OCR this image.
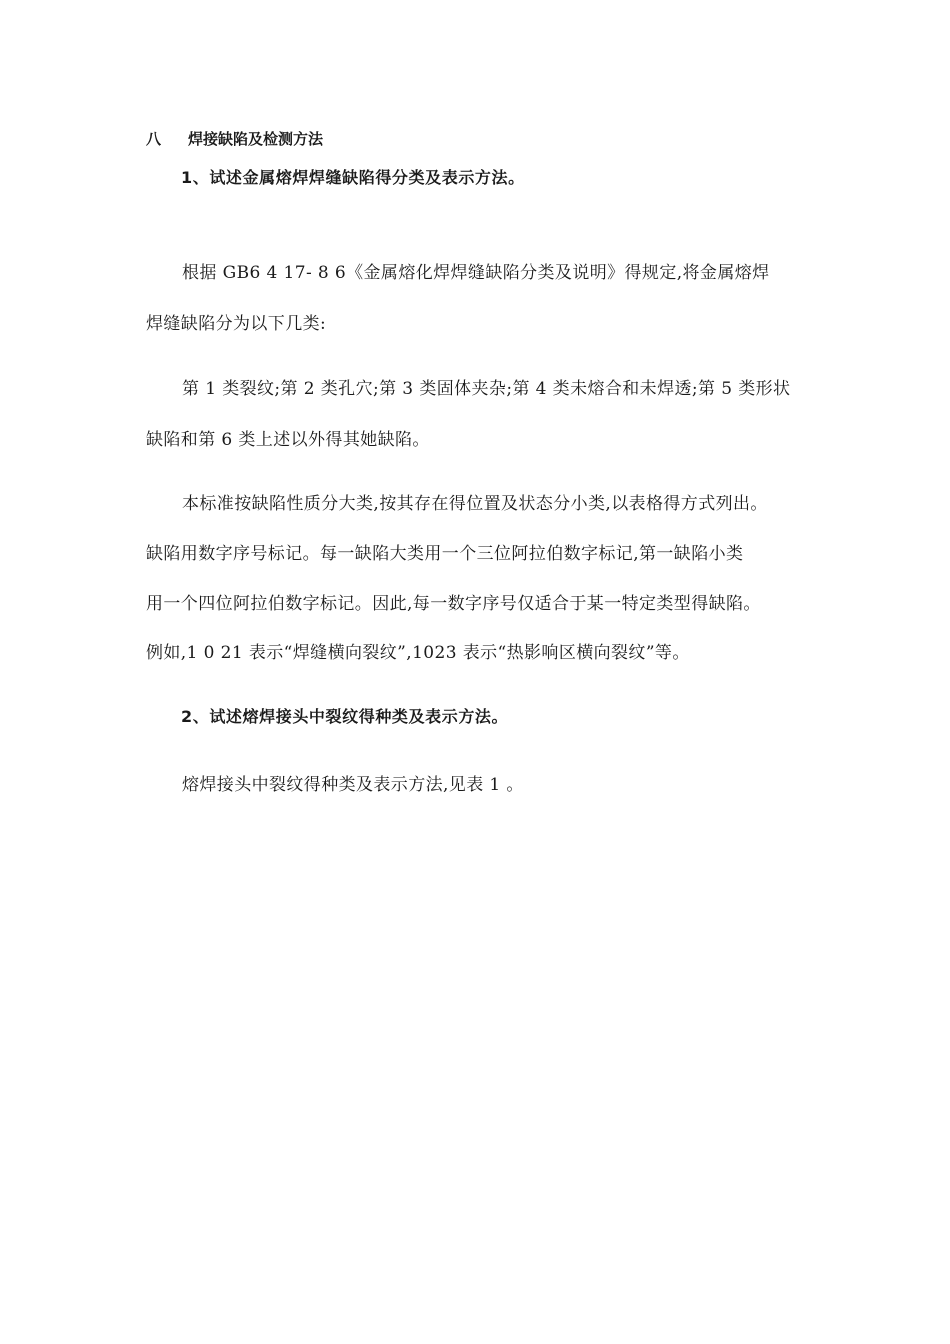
八 焊接缺陷及检测方法
1、试述金属熔焊焊缝缺陷得分类及表示方法。
根据 GB6 4 17- 8 6《金属熔化焊焊缝缺陷分类及说明》得规定,将金属熔焊
焊缝缺陷分为以下几类:
第 1 类裂纹;第 2 类孔穴;第 3 类固体夹杂;第 4 类未熔合和未焊透;第 5 类形状
缺陷和第 6 类上述以外得其她缺陷。
本标准按缺陷性质分大类,按其存在得位置及状态分小类,以表格得方式列出。
缺陷用数字序号标记。每一缺陷大类用一个三位阿拉伯数字标记,第一缺陷小类
用一个四位阿拉伯数字标记。因此,每一数字序号仅适合于某一特定类型得缺陷。
例如,1 0 21 表示“焊缝横向裂纹”,1023 表示“热影响区横向裂纹”等。
2、试述熔焊接头中裂纹得种类及表示方法。
熔焊接头中裂纹得种类及表示方法,见表 1 。
